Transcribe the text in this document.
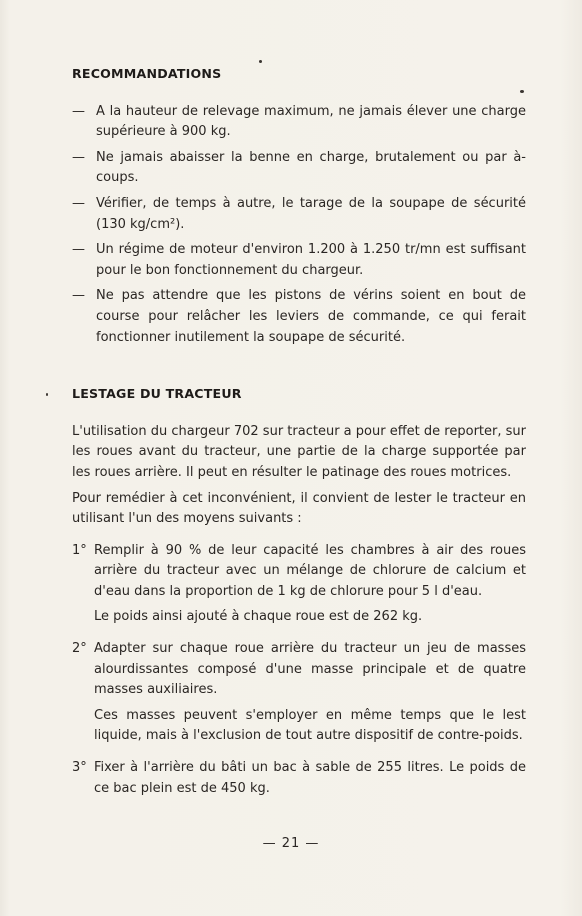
RECOMMANDATIONS
— A la hauteur de relevage maximum, ne jamais élever une charge supérieure à 900 kg.
— Ne jamais abaisser la benne en charge, brutalement ou par à-coups.
— Vérifier, de temps à autre, le tarage de la soupape de sécurité (130 kg/cm²).
— Un régime de moteur d'environ 1.200 à 1.250 tr/mn est suffisant pour le bon fonctionnement du chargeur.
— Ne pas attendre que les pistons de vérins soient en bout de course pour relâcher les leviers de commande, ce qui ferait fonctionner inutilement la soupape de sécurité.
LESTAGE DU TRACTEUR

L'utilisation du chargeur 702 sur tracteur a pour effet de reporter, sur les roues avant du tracteur, une partie de la charge supportée par les roues arrière. Il peut en résulter le patinage des roues motrices.

Pour remédier à cet inconvénient, il convient de lester le tracteur en utilisant l'un des moyens suivants :

1° Remplir à 90 % de leur capacité les chambres à air des roues arrière du tracteur avec un mélange de chlorure de calcium et d'eau dans la proportion de 1 kg de chlorure pour 5 l d'eau.
Le poids ainsi ajouté à chaque roue est de 262 kg.
2° Adapter sur chaque roue arrière du tracteur un jeu de masses alourdissantes composé d'une masse principale et de quatre masses auxiliaires.
Ces masses peuvent s'employer en même temps que le lest liquide, mais à l'exclusion de tout autre dispositif de contre-poids.
3° Fixer à l'arrière du bâti un bac à sable de 255 litres. Le poids de ce bac plein est de 450 kg.
— 21 —
